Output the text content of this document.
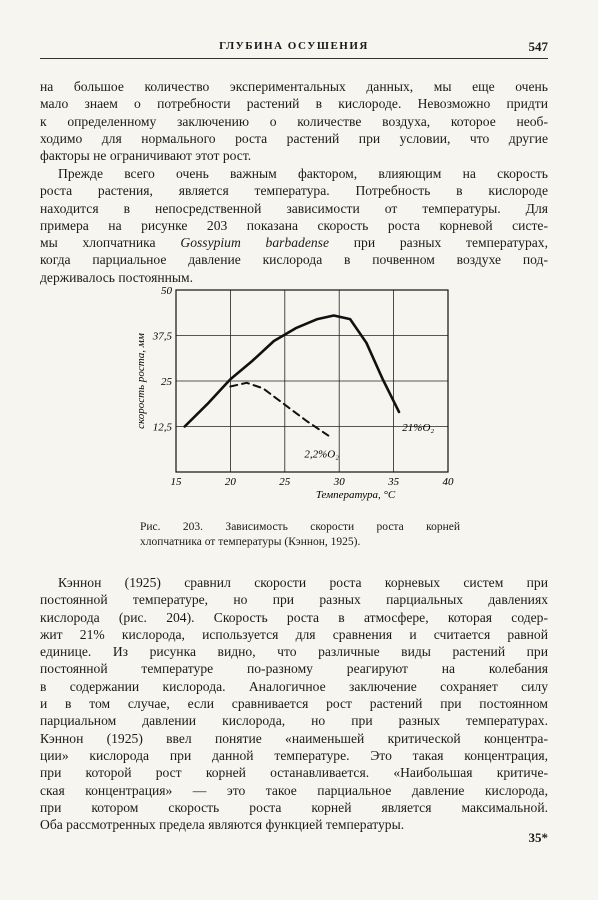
ГЛУБИНА ОСУШЕНИЯ	547
на большое количество экспериментальных данных, мы еще очень
мало знаем о потребности растений в кислороде. Невозможно придти
к определенному заключению о количестве воздуха, которое необ-
ходимо для нормального роста растений при условии, что другие
факторы не ограничивают этот рост.
Прежде всего очень важным фактором, влияющим на скорость
роста растения, является температура. Потребность в кислороде
находится в непосредственной зависимости от температуры. Для
примера на рисунке 203 показана скорость роста корневой систе-
мы хлопчатника Gossypium barbadense при разных температурах,
когда парциальное давление кислорода в почвенном воздухе под-
держивалось постоянным.
15	20	25	30	35	40
12,5
25
37,5
50
Температура, °С
скорость роста, мм	21%O₂
2,2%O₂
Рис. 203. Зависимость скорости роста корней
хлопчатника от температуры (Кэннон, 1925).
Кэннон (1925) сравнил скорости роста корневых систем при
постоянной температуре, но при разных парциальных давлениях
кислорода (рис. 204). Скорость роста в атмосфере, которая содер-
жит 21% кислорода, используется для сравнения и считается равной
единице. Из рисунка видно, что различные виды растений при
постоянной температуре по-разному реагируют на колебания
в содержании кислорода. Аналогичное заключение сохраняет силу
и в том случае, если сравнивается рост растений при постоянном
парциальном давлении кислорода, но при разных температурах.
Кэннон (1925) ввел понятие «наименьшей критической концентра-
ции» кислорода при данной температуре. Это такая концентрация,
при которой рост корней останавливается. «Наибольшая критиче-
ская концентрация» — это такое парциальное давление кислорода,
при котором скорость роста корней является максимальной.
Оба рассмотренных предела являются функцией температуры.
35*
